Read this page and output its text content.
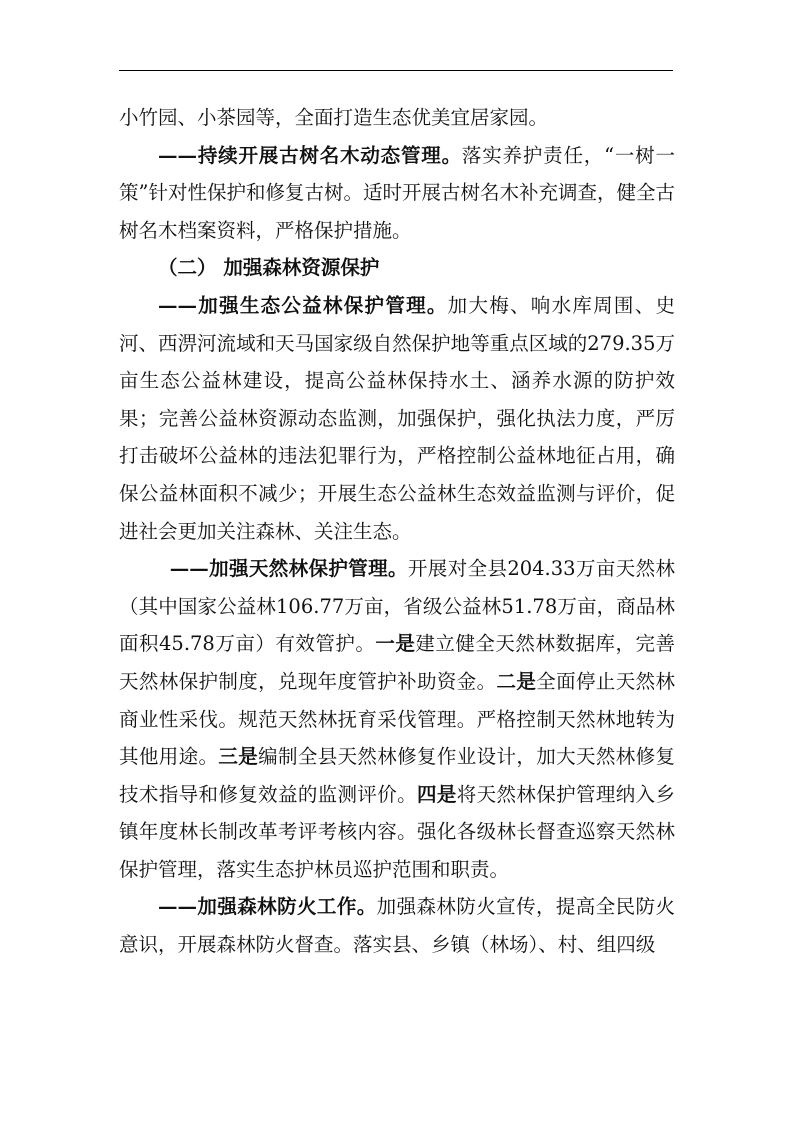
小竹园、小茶园等，全面打造生态优美宜居家园。

——持续开展古树名木动态管理。落实养护责任，“一树一策”针对性保护和修复古树。适时开展古树名木补充调查，健全古树名木档案资料，严格保护措施。

（二） 加强森林资源保护

——加强生态公益林保护管理。加大梅、响水库周围、史河、西淠河流域和天马国家级自然保护地等重点区域的279.35万亩生态公益林建设，提高公益林保持水土、涵养水源的防护效果；完善公益林资源动态监测，加强保护，强化执法力度，严厉打击破坏公益林的违法犯罪行为，严格控制公益林地征占用，确保公益林面积不减少；开展生态公益林生态效益监测与评价，促进社会更加关注森林、关注生态。

——加强天然林保护管理。开展对全县204.33万亩天然林（其中国家公益林106.77万亩，省级公益林51.78万亩，商品林面积45.78万亩）有效管护。一是建立健全天然林数据库，完善天然林保护制度，兑现年度管护补助资金。二是全面停止天然林商业性采伐。规范天然林抚育采伐管理。严格控制天然林地转为其他用途。三是编制全县天然林修复作业设计，加大天然林修复技术指导和修复效益的监测评价。四是将天然林保护管理纳入乡镇年度林长制改革考评考核内容。强化各级林长督查巡察天然林保护管理，落实生态护林员巡护范围和职责。

——加强森林防火工作。加强森林防火宣传，提高全民防火意识，开展森林防火督查。落实县、乡镇（林场）、村、组四级
